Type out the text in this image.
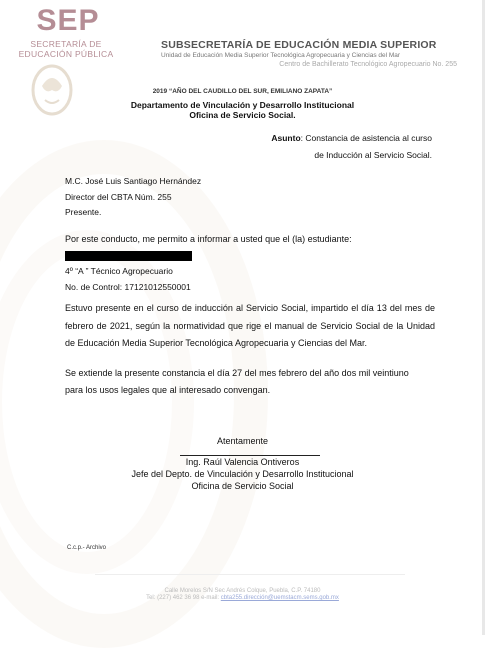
SEP
SECRETARÍA DE
EDUCACIÓN PÚBLICA
SUBSECRETARÍA DE EDUCACIÓN MEDIA SUPERIOR
Unidad de Educación Media Superior Tecnológica Agropecuaria y Ciencias del Mar
Centro de Bachillerato Tecnológico Agropecuario No. 255
2019 “AÑO DEL CAUDILLO DEL SUR, EMILIANO ZAPATA”
Departamento de Vinculación y Desarrollo Institucional
Oficina de Servicio Social.
Asunto: Constancia de asistencia al curso
de Inducción al Servicio Social.
M.C. José Luis Santiago Hernández
Director del CBTA Núm. 255
Presente.
Por este conducto, me permito a informar a usted que el (la) estudiante:
4º “A ” Técnico Agropecuario
No. de Control: 17121012550001
Estuvo presente en el curso de inducción al Servicio Social, impartido el día 13 del mes de febrero de 2021, según la normatividad que rige el manual de Servicio Social de la Unidad de Educación Media Superior Tecnológica Agropecuaria y Ciencias del Mar.
Se extiende la presente constancia el día 27 del mes febrero del año dos mil veintiuno
para los usos legales que al interesado convengan.
Atentamente
Ing. Raúl Valencia Ontiveros
Jefe del Depto. de Vinculación y Desarrollo Institucional
Oficina de Servicio Social
C.c.p.- Archivo
Calle Morelos S/N Sec Andrés Colque, Puebla, C.P. 74180
Tel: (227) 462 36 98 e-mail: cbta255.dirección@uemstacm.sems.gob.mx
